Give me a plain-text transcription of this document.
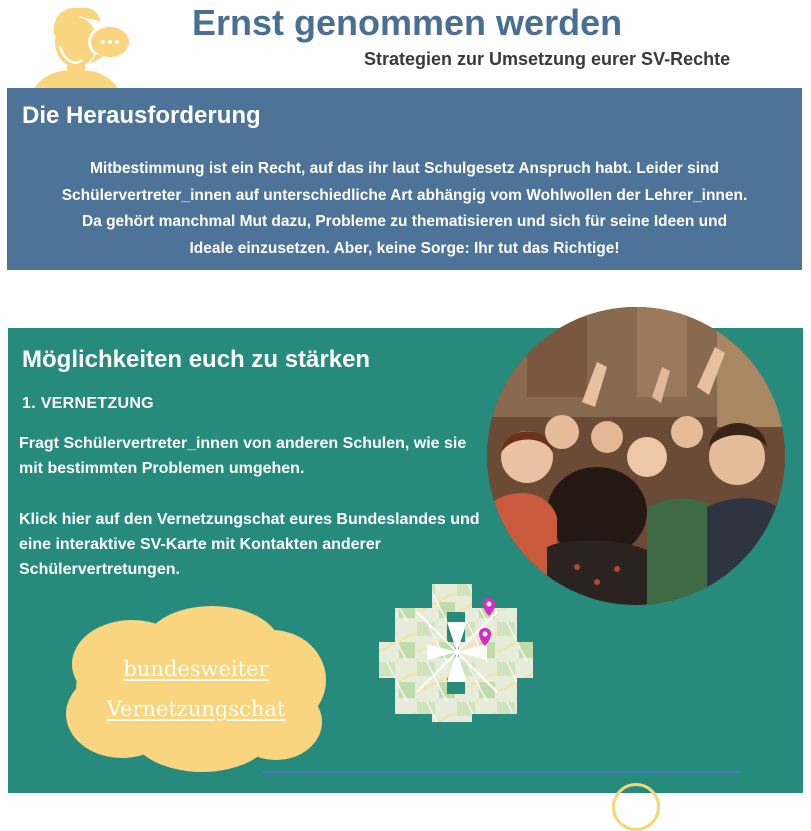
Ernst genommen werden
Strategien zur Umsetzung eurer SV-Rechte
Die Herausforderung
Mitbestimmung ist ein Recht, auf das ihr laut Schulgesetz Anspruch habt. Leider sind
Schülervertreter_innen auf unterschiedliche Art abhängig vom Wohlwollen der Lehrer_innen.
Da gehört manchmal Mut dazu, Probleme zu thematisieren und sich für seine Ideen und
Ideale einzusetzen. Aber, keine Sorge: Ihr tut das Richtige!
Möglichkeiten euch zu stärken
1. VERNETZUNG
Fragt Schülervertreter_innen von anderen Schulen, wie sie mit bestimmten Problemen umgehen.
Klick hier auf den Vernetzungschat eures Bundeslandes und eine interaktive SV-Karte mit Kontakten anderer Schülervertretungen.
bundesweiter
Vernetzungschat
